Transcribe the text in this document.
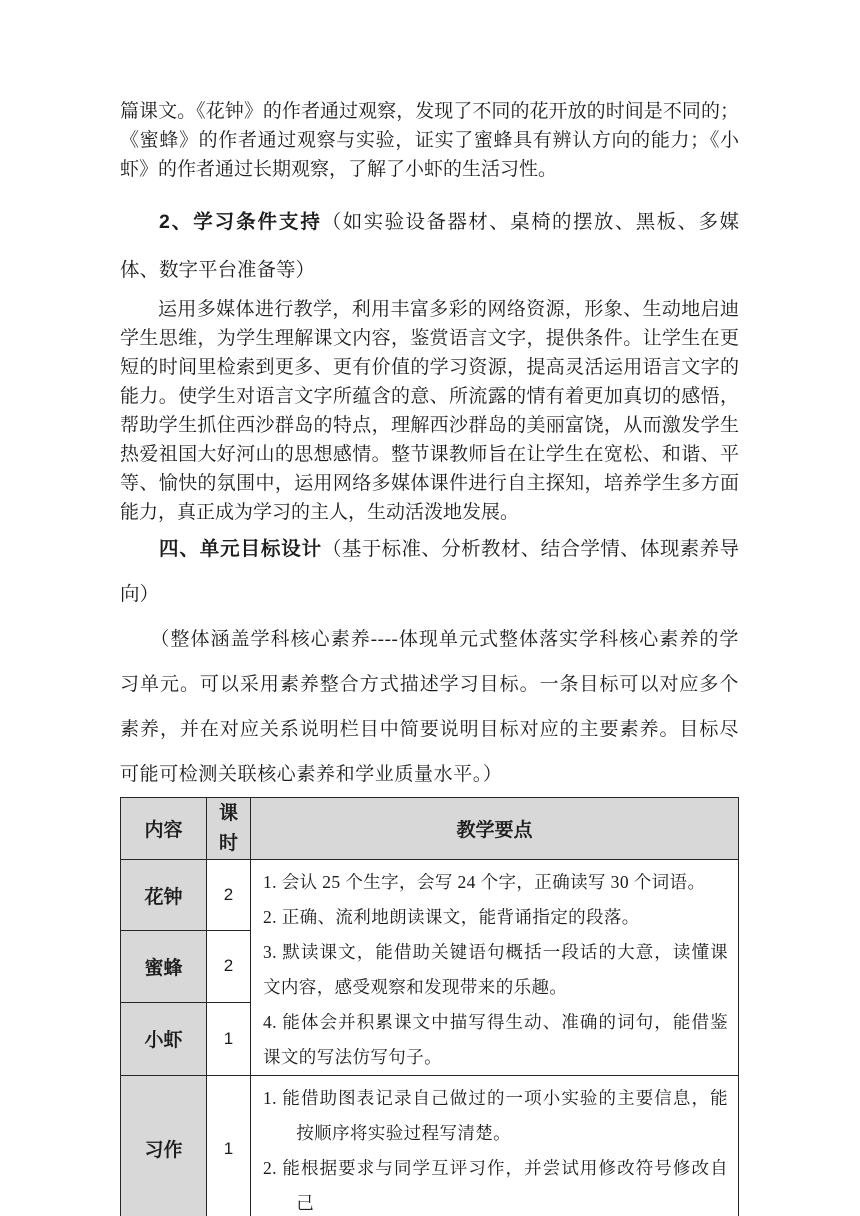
篇课文。《花钟》的作者通过观察，发现了不同的花开放的时间是不同的；《蜜蜂》的作者通过观察与实验，证实了蜜蜂具有辨认方向的能力；《小虾》的作者通过长期观察，了解了小虾的生活习性。

2、学习条件支持（如实验设备器材、桌椅的摆放、黑板、多媒体、数字平台准备等）

运用多媒体进行教学，利用丰富多彩的网络资源，形象、生动地启迪学生思维，为学生理解课文内容，鉴赏语言文字，提供条件。让学生在更短的时间里检索到更多、更有价值的学习资源，提高灵活运用语言文字的能力。使学生对语言文字所蕴含的意、所流露的情有着更加真切的感悟，帮助学生抓住西沙群岛的特点，理解西沙群岛的美丽富饶，从而激发学生热爱祖国大好河山的思想感情。整节课教师旨在让学生在宽松、和谐、平等、愉快的氛围中，运用网络多媒体课件进行自主探知，培养学生多方面能力，真正成为学习的主人，生动活泼地发展。

四、单元目标设计（基于标准、分析教材、结合学情、体现素养导向）

（整体涵盖学科核心素养----体现单元式整体落实学科核心素养的学习单元。可以采用素养整合方式描述学习目标。一条目标可以对应多个素养，并在对应关系说明栏目中简要说明目标对应的主要素养。目标尽可能可检测关联核心素养和学业质量水平。）

内容	课时	教学要点
花钟	2	1. 会认 25 个生字，会写 24 个字，正确读写 30 个词语。

2. 正确、流利地朗读课文，能背诵指定的段落。

3. 默读课文，能借助关键语句概括一段话的大意，读懂课文内容，感受观察和发现带来的乐趣。

4. 能体会并积累课文中描写得生动、准确的词句，能借鉴课文的写法仿写句子。

蜜蜂	2	
小虾	1	
习作	1	1. 能借助图表记录自己做过的一项小实验的主要信息，能按顺序将实验过程写清楚。

2. 能根据要求与同学互评习作，并尝试用修改符号修改自己
